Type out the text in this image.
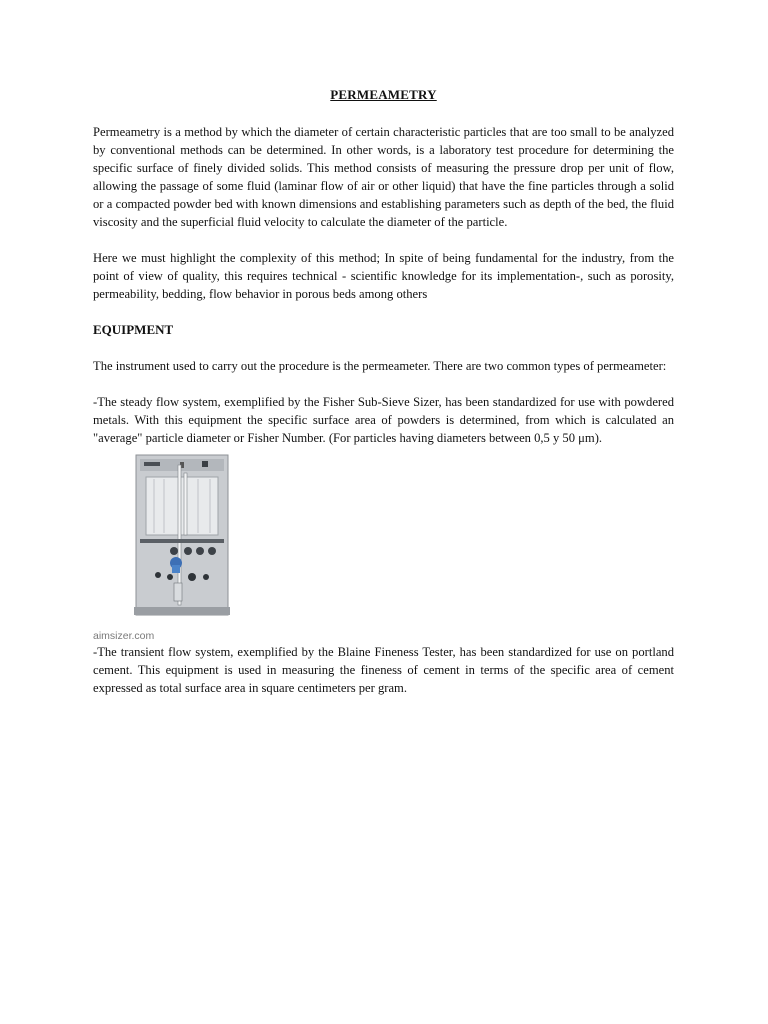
PERMEAMETRY

Permeametry is a method by which the diameter of certain characteristic particles that are too small to be analyzed by conventional methods can be determined. In other words, is a laboratory test procedure for determining the specific surface of finely divided solids. This method consists of measuring the pressure drop per unit of flow, allowing the passage of some fluid (laminar flow of air or other liquid) that have the fine particles through a solid or a compacted powder bed with known dimensions and establishing parameters such as depth of the bed, the fluid viscosity and the superficial fluid velocity to calculate the diameter of the particle.

Here we must highlight the complexity of this method; In spite of being fundamental for the industry, from the point of view of quality, this requires technical - scientific knowledge for its implementation-, such as porosity, permeability, bedding, flow behavior in porous beds among others

EQUIPMENT

The instrument used to carry out the procedure is the permeameter. There are two common types of permeameter:

-The steady flow system, exemplified by the Fisher Sub-Sieve Sizer, has been standardized for use with powdered metals. With this equipment the specific surface area of powders is determined, from which is calculated an "average" particle diameter or Fisher Number. (For particles having diameters between 0,5 y 50 μm).

aimsizer.com

-The transient flow system, exemplified by the Blaine Fineness Tester, has been standardized for use on portland cement. This equipment is used in measuring the fineness of cement in terms of the specific area of cement expressed as total surface area in square centimeters per gram.
